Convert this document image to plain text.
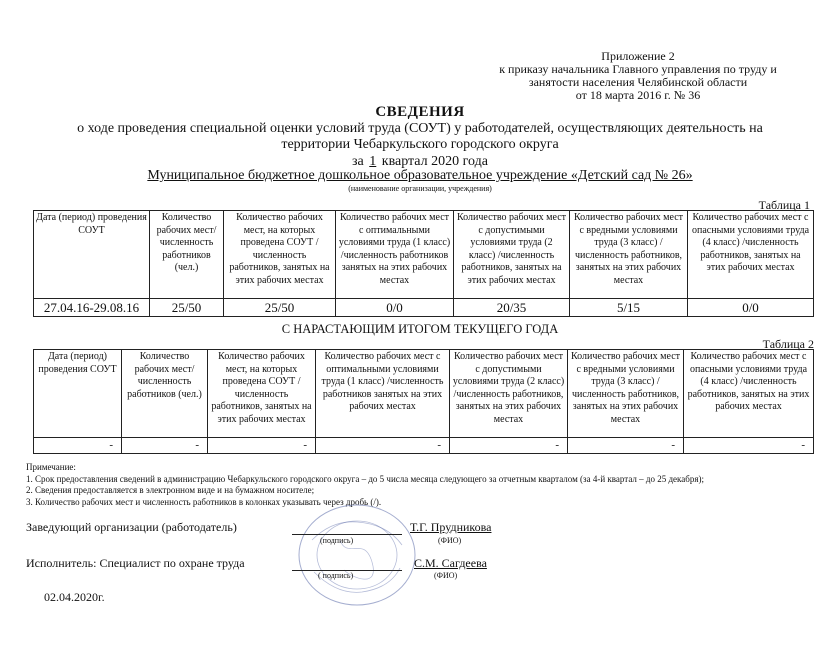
Приложение 2
к приказу начальника Главного управления по труду и
занятости населения Челябинской области
от 18 марта 2016 г. № 36
СВЕДЕНИЯ
о ходе проведения специальной оценки условий труда (СОУТ) у работодателей, осуществляющих деятельность на
территории Чебаркульского городского округа
за 1 квартал 2020 года
Муниципальное бюджетное дошкольное образовательное учреждение «Детский сад № 26»
(наименование организации, учреждения)
Таблица 1
Дата (период) проведения СОУТ	Количество рабочих мест/ численность работников (чел.)	Количество рабочих мест, на которых проведена СОУТ /численность работников, занятых на этих рабочих местах	Количество рабочих мест с оптимальными условиями труда (1 класс) /численность работников занятых на этих рабочих местах	Количество рабочих мест с допустимыми условиями труда (2 класс) /численность работников, занятых на этих рабочих местах	Количество рабочих мест с вредными условиями труда (3 класс) /численность работников, занятых на этих рабочих местах	Количество рабочих мест с опасными условиями труда (4 класс) /численность работников, занятых на этих рабочих местах
27.04.16-29.08.16	25/50	25/50	0/0	20/35	5/15	0/0
С НАРАСТАЮЩИМ ИТОГОМ ТЕКУЩЕГО ГОДА
Таблица 2
Дата (период) проведения СОУТ	Количество рабочих мест/ численность работников (чел.)	Количество рабочих мест, на которых проведена СОУТ /численность работников, занятых на этих рабочих местах	Количество рабочих мест с оптимальными условиями труда (1 класс) /численность работников занятых на этих рабочих местах	Количество рабочих мест с допустимыми условиями труда (2 класс) /численность работников, занятых на этих рабочих местах	Количество рабочих мест с вредными условиями труда (3 класс) /численность работников, занятых на этих рабочих местах	Количество рабочих мест с опасными условиями труда (4 класс) /численность работников, занятых на этих рабочих местах
-	-	-	-	-	-	-
Примечание:
1. Срок предоставления сведений в администрацию Чебаркульского городского округа – до 5 числа месяца следующего за отчетным кварталом (за 4-й квартал – до 25 декабря);
2. Сведения предоставляется в электронном виде и на бумажном носителе;
3. Количество рабочих мест и численность работников в колонках указывать через дробь (/).
Заведующий организации (работодатель)
(подпись)
Т.Г. Прудникова
(ФИО)
Исполнитель: Специалист по охране труда
( подпись)
С.М. Сагдеева
(ФИО)
02.04.2020г.
